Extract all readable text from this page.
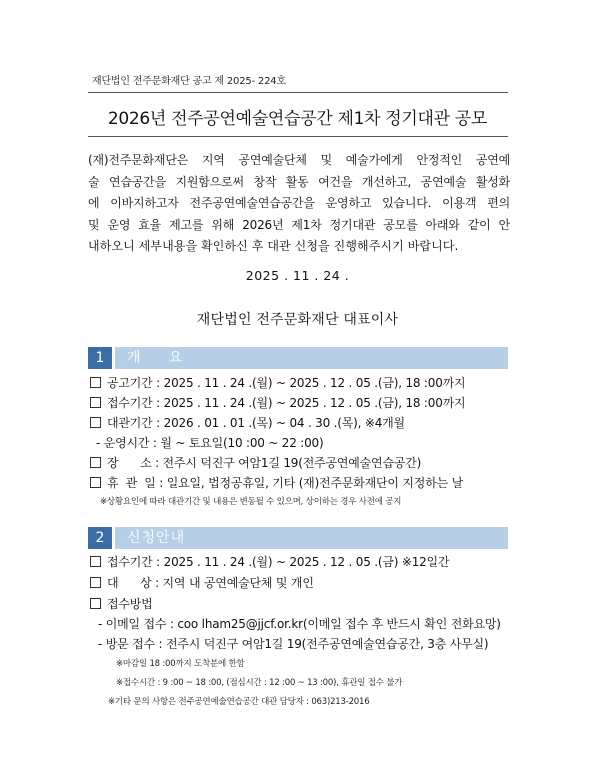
재단법인 전주문화재단 공고 제 2025- 224호
2026년 전주공연예술연습공간 제1차 정기대관 공모
(재)전주문화재단은 지역 공연예술단체 및 예술가에게 안정적인 공연예
술 연습공간을 지원함으로써 창작 활동 여건을 개선하고, 공연예술 활성화
에 이바지하고자 전주공연예술연습공간을 운영하고 있습니다. 이용객 편의
및 운영 효율 제고를 위해 2026년 제1차 정기대관 공모를 아래와 같이 안
내하오니 세부내용을 확인하신 후 대관 신청을 진행해주시기 바랍니다.
2025 . 11 . 24 .
재단법인 전주문화재단 대표이사
1	개     요
공고기간 : 2025 . 11 . 24 .(월) ~ 2025 . 12 . 05 .(금), 18 :00까지
접수기간 : 2025 . 11 . 24 .(월) ~ 2025 . 12 . 05 .(금), 18 :00까지
대관기간 : 2026 . 01 . 01 .(목) ~ 04 . 30 .(목), ※4개월
- 운영시간 : 월 ~ 토요일(10 :00 ~ 22 :00)
장      소 : 전주시 덕진구 여암1길 19(전주공연예술연습공간)
휴  관  일 : 일요일, 법정공휴일, 기타 (재)전주문화재단이 지정하는 날
※상황요인에 따라 대관기간 및 내용은 변동될 수 있으며, 상이하는 경우 사전에 공지
2	신청안내
접수기간 : 2025 . 11 . 24 .(월) ~ 2025 . 12 . 05 .(금) ※12일간
대      상 : 지역 내 공연예술단체 및 개인
접수방법
- 이메일 접수 : coo lham25@jjcf.or.kr(이메일 접수 후 반드시 확인 전화요망)
- 방문 접수 : 전주시 덕진구 여암1길 19(전주공연예술연습공간, 3층 사무실)
※마감일 18 :00까지 도착분에 한함
※접수시간 : 9 :00 ~ 18 :00, (점심시간 : 12 :00 ~ 13 :00), 휴관일 접수 불가
※기타 문의 사항은 전주공연예술연습공간 대관 담당자 : 063)213-2016
